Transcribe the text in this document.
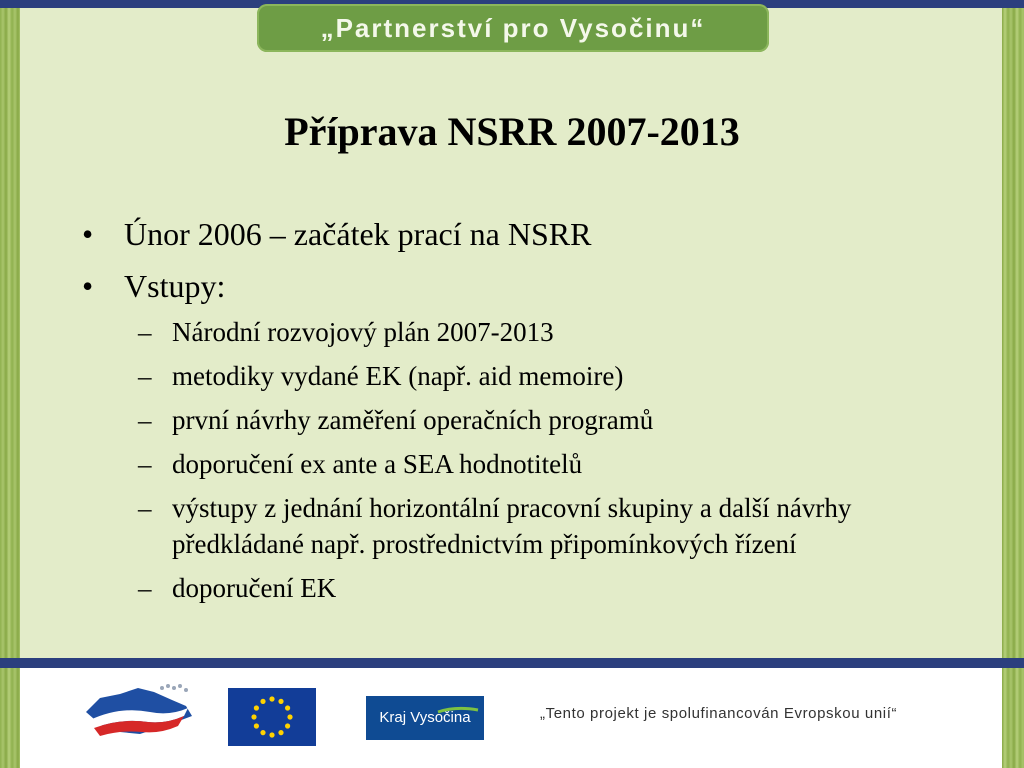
„Partnerství pro Vysočinu“
Příprava NSRR 2007-2013
• Únor 2006 – začátek prací na NSRR
• Vstupy:
– Národní rozvojový plán 2007-2013
– metodiky vydané EK (např. aid memoire)
– první návrhy zaměření operačních programů
– doporučení ex ante a SEA hodnotitelů
– výstupy z jednání horizontální pracovní skupiny a další návrhy předkládané např. prostřednictvím připomínkových řízení
– doporučení EK
Kraj Vysočina	„Tento projekt je spolufinancován Evropskou unií“
